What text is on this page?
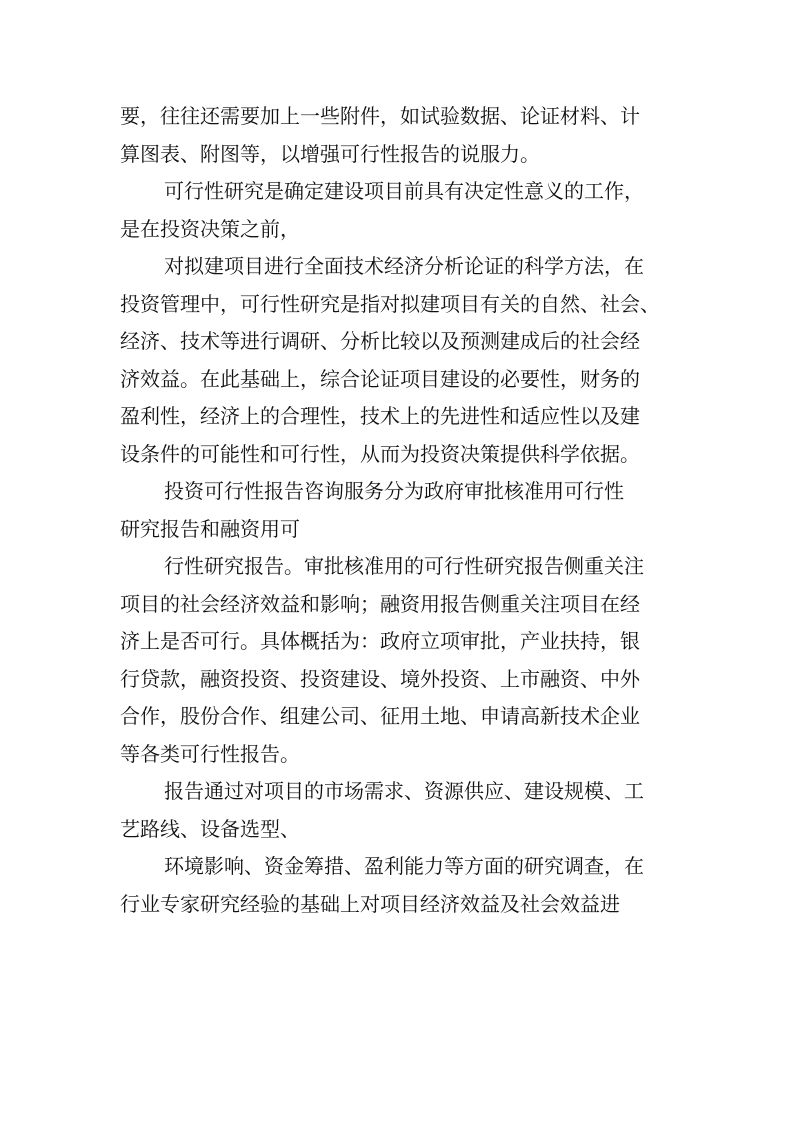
要，往往还需要加上一些附件，如试验数据、论证材料、计
算图表、附图等，以增强可行性报告的说服力。
可行性研究是确定建设项目前具有决定性意义的工作，
是在投资决策之前，
对拟建项目进行全面技术经济分析论证的科学方法，在
投资管理中，可行性研究是指对拟建项目有关的自然、社会、
经济、技术等进行调研、分析比较以及预测建成后的社会经
济效益。在此基础上，综合论证项目建设的必要性，财务的
盈利性，经济上的合理性，技术上的先进性和适应性以及建
设条件的可能性和可行性，从而为投资决策提供科学依据。
投资可行性报告咨询服务分为政府审批核准用可行性
研究报告和融资用可
行性研究报告。审批核准用的可行性研究报告侧重关注
项目的社会经济效益和影响；融资用报告侧重关注项目在经
济上是否可行。具体概括为：政府立项审批，产业扶持，银
行贷款，融资投资、投资建设、境外投资、上市融资、中外
合作，股份合作、组建公司、征用土地、申请高新技术企业
等各类可行性报告。
报告通过对项目的市场需求、资源供应、建设规模、工
艺路线、设备选型、
环境影响、资金筹措、盈利能力等方面的研究调查，在
行业专家研究经验的基础上对项目经济效益及社会效益进
